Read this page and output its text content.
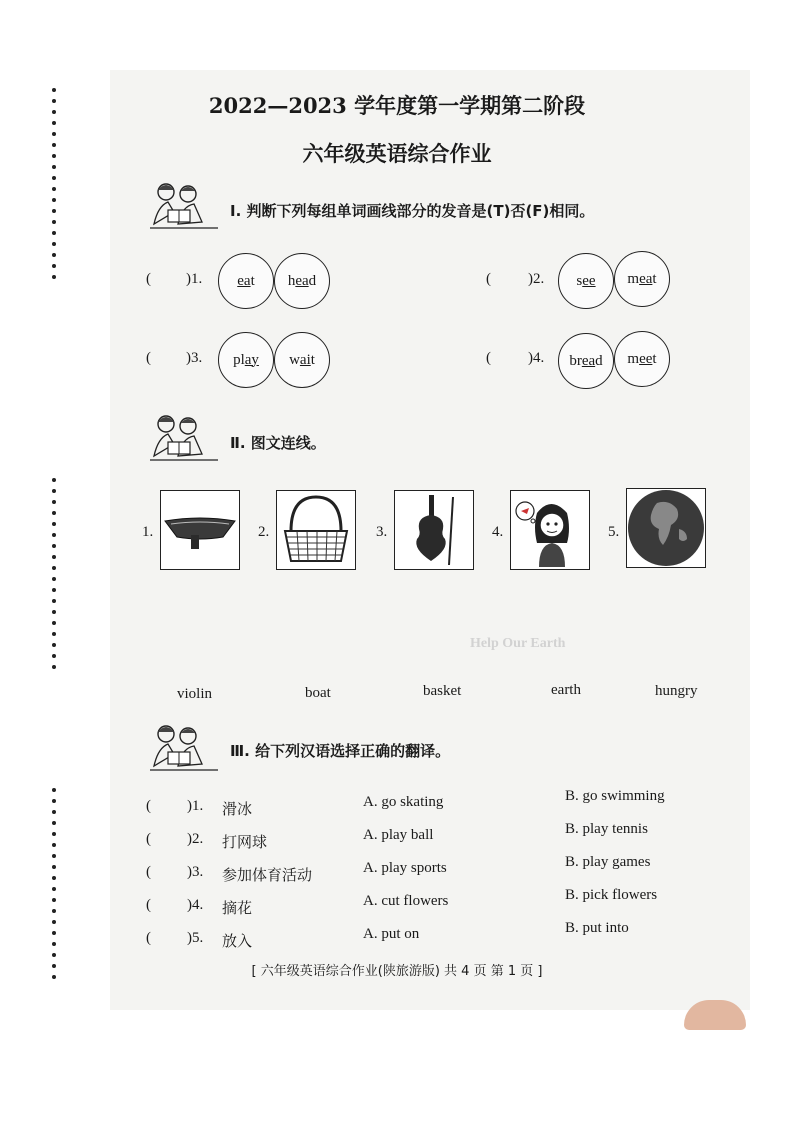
Help Our Earth
2022—2023 学年度第一学期第二阶段
六年级英语综合作业
Ⅰ. 判断下列每组单词画线部分的发音是(T)否(F)相同。
( )1. eat head	( )2. see meat
( )3. play wait	( )4. bread meet
Ⅱ. 图文连线。
1.	2.	3.	4.	5.
violin	boat	basket	earth	hungry
Ⅲ. 给下列汉语选择正确的翻译。
( )1. 滑冰	A. go skating	B. go swimming
( )2. 打网球	A. play ball	B. play tennis
( )3. 参加体育活动	A. play sports	B. play games
( )4. 摘花	A. cut flowers	B. pick flowers
( )5. 放入	A. put on	B. put into
[ 六年级英语综合作业(陕旅游版) 共 4 页 第 1 页 ]
